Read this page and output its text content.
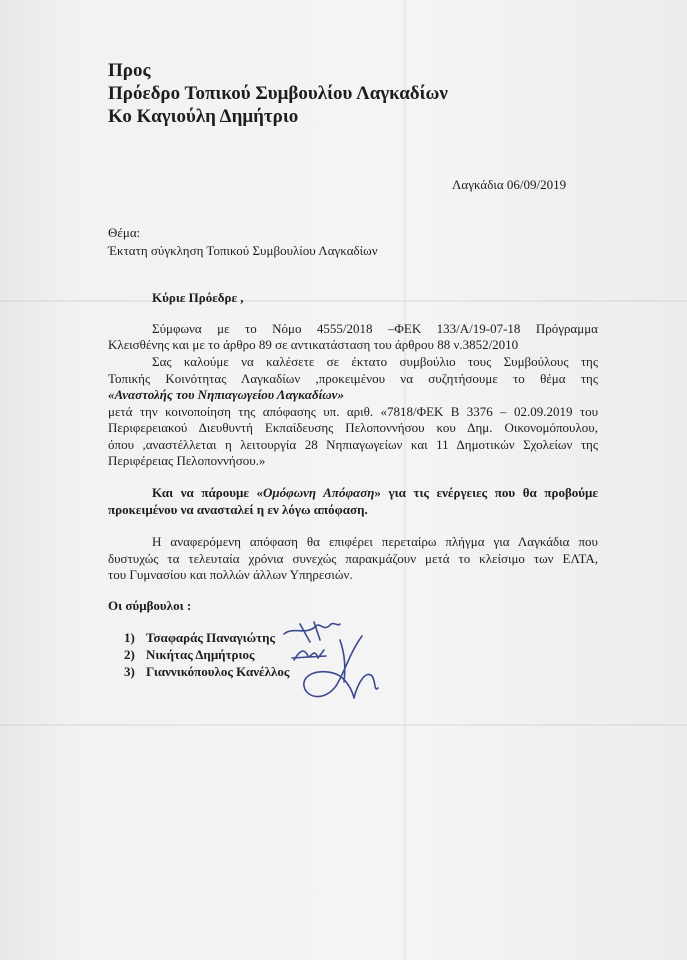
Προς
Πρόεδρο Τοπικού Συμβουλίου Λαγκαδίων
Κο Καγιούλη Δημήτριο
Λαγκάδια 06/09/2019
Θέμα:
Έκτατη σύγκληση Τοπικού Συμβουλίου Λαγκαδίων
Κύριε Πρόεδρε ,
Σύμφωνα με το Νόμο 4555/2018 –ΦΕΚ 133/Α/19-07-18 Πρόγραμμα
Κλεισθένης και με το άρθρο 89 σε αντικατάσταση του άρθρου 88 ν.3852/2010
Σας καλούμε να καλέσετε σε έκτατο συμβούλιο τους Συμβούλους της
Τοπικής Κοινότητας Λαγκαδίων ,προκειμένου να συζητήσουμε το θέμα της
«Αναστολής του Νηπιαγωγείου Λαγκαδίων»
μετά την κοινοποίηση της απόφασης υπ. αριθ. «7818/ΦΕΚ Β 3376 – 02.09.2019 του
Περιφερειακού Διευθυντή Εκπαίδευσης Πελοποννήσου κου Δημ. Οικονομόπουλου,
όπου ,αναστέλλεται η λειτουργία 28 Νηπιαγωγείων και 11 Δημοτικών Σχολείων της
Περιφέρειας Πελοποννήσου.»
Και να πάρουμε «Ομόφωνη Απόφαση» για τις ενέργειες που θα προβούμε
προκειμένου να ανασταλεί η εν λόγω απόφαση.
Η αναφερόμενη απόφαση θα επιφέρει περεταίρω πλήγμα για Λαγκάδια που
δυστυχώς τα τελευταία χρόνια συνεχώς παρακμάζουν μετά το κλείσιμο των ΕΛΤΑ,
του Γυμνασίου και πολλών άλλων Υπηρεσιών.
Οι σύμβουλοι :
1) Τσαφαράς Παναγιώτης
2) Νικήτας Δημήτριος
3) Γιαννικόπουλος Κανέλλος
